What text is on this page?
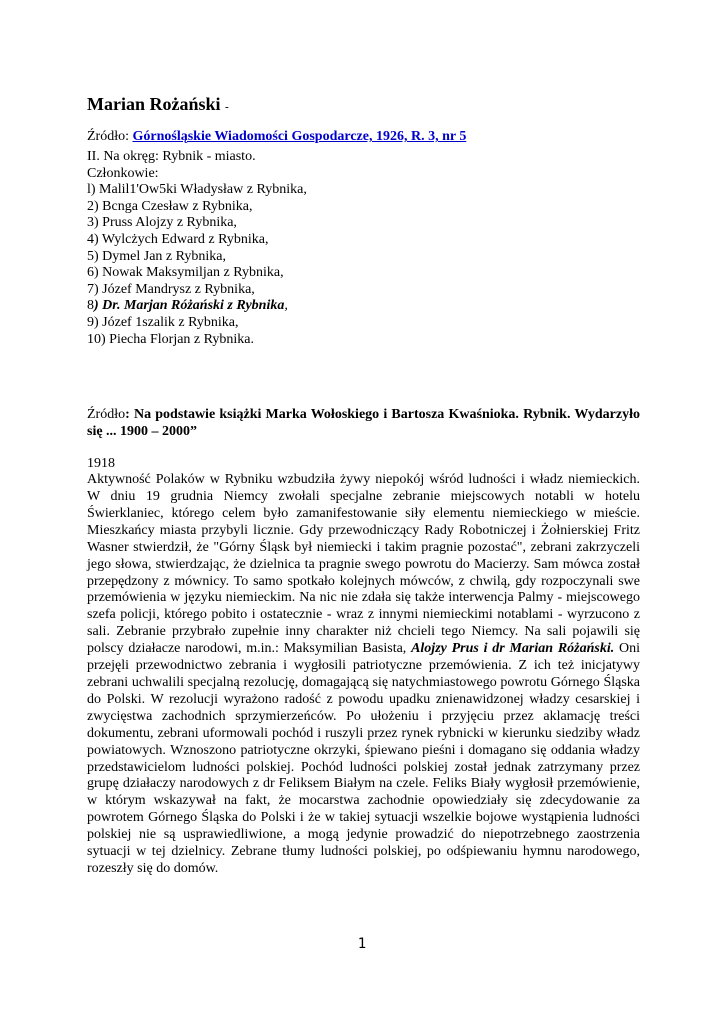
Marian Rożański -
Źródło: Górnośląskie Wiadomości Gospodarcze, 1926, R. 3, nr 5
II. Na okręg: Rybnik - miasto.
Członkowie:
l) Malil1'Ow5ki Władysław z Rybnika,
2) Bcnga Czesław z Rybnika,
3) Pruss Alojzy z Rybnika,
4) Wylcżych Edward z Rybnika,
5) Dymel Jan z Rybnika,
6) Nowak Maksymiljan z Rybnika,
7) Józef Mandrysz z Rybnika,
8) Dr. Marjan Różański z Rybnika,
9) Józef 1szalik z Rybnika,
10) Piecha Florjan z Rybnika.
Źródło: Na podstawie książki Marka Wołoskiego i Bartosza Kwaśnioka. Rybnik. Wydarzyło się ... 1900 – 2000”
1918
Aktywność Polaków w Rybniku wzbudziła żywy niepokój wśród ludności i władz niemieckich. W dniu 19 grudnia Niemcy zwołali specjalne zebranie miejscowych notabli w hotelu Świerklaniec, którego celem było zamanifestowanie siły elementu niemieckiego w mieście. Mieszkańcy miasta przybyli licznie. Gdy przewodniczący Rady Robotniczej i Żołnierskiej Fritz Wasner stwierdził, że "Górny Śląsk był niemiecki i takim pragnie pozostać", zebrani zakrzyczeli jego słowa, stwierdzając, że dzielnica ta pragnie swego powrotu do Macierzy. Sam mówca został przepędzony z mównicy. To samo spotkało kolejnych mówców, z chwilą, gdy rozpoczynali swe przemówienia w języku niemieckim. Na nic nie zdała się także interwencja Palmy - miejscowego szefa policji, którego pobito i ostatecznie - wraz z innymi niemieckimi notablami - wyrzucono z sali. Zebranie przybrało zupełnie inny charakter niż chcieli tego Niemcy. Na sali pojawili się polscy działacze narodowi, m.in.: Maksymilian Basista, Alojzy Prus i dr Marian Różański. Oni przejęli przewodnictwo zebrania i wygłosili patriotyczne przemówienia. Z ich też inicjatywy zebrani uchwalili specjalną rezolucję, domagającą się natychmiastowego powrotu Górnego Śląska do Polski. W rezolucji wyrażono radość z powodu upadku znienawidzonej władzy cesarskiej i zwycięstwa zachodnich sprzymierzeńców. Po ułożeniu i przyjęciu przez aklamację treści dokumentu, zebrani uformowali pochód i ruszyli przez rynek rybnicki w kierunku siedziby władz powiatowych. Wznoszono patriotyczne okrzyki, śpiewano pieśni i domagano się oddania władzy przedstawicielom ludności polskiej. Pochód ludności polskiej został jednak zatrzymany przez grupę działaczy narodowych z dr Feliksem Białym na czele. Feliks Biały wygłosił przemówienie, w którym wskazywał na fakt, że mocarstwa zachodnie opowiedziały się zdecydowanie za powrotem Górnego Śląska do Polski i że w takiej sytuacji wszelkie bojowe wystąpienia ludności polskiej nie są usprawiedliwione, a mogą jedynie prowadzić do niepotrzebnego zaostrzenia sytuacji w tej dzielnicy. Zebrane tłumy ludności polskiej, po odśpiewaniu hymnu narodowego, rozeszły się do domów.
1
